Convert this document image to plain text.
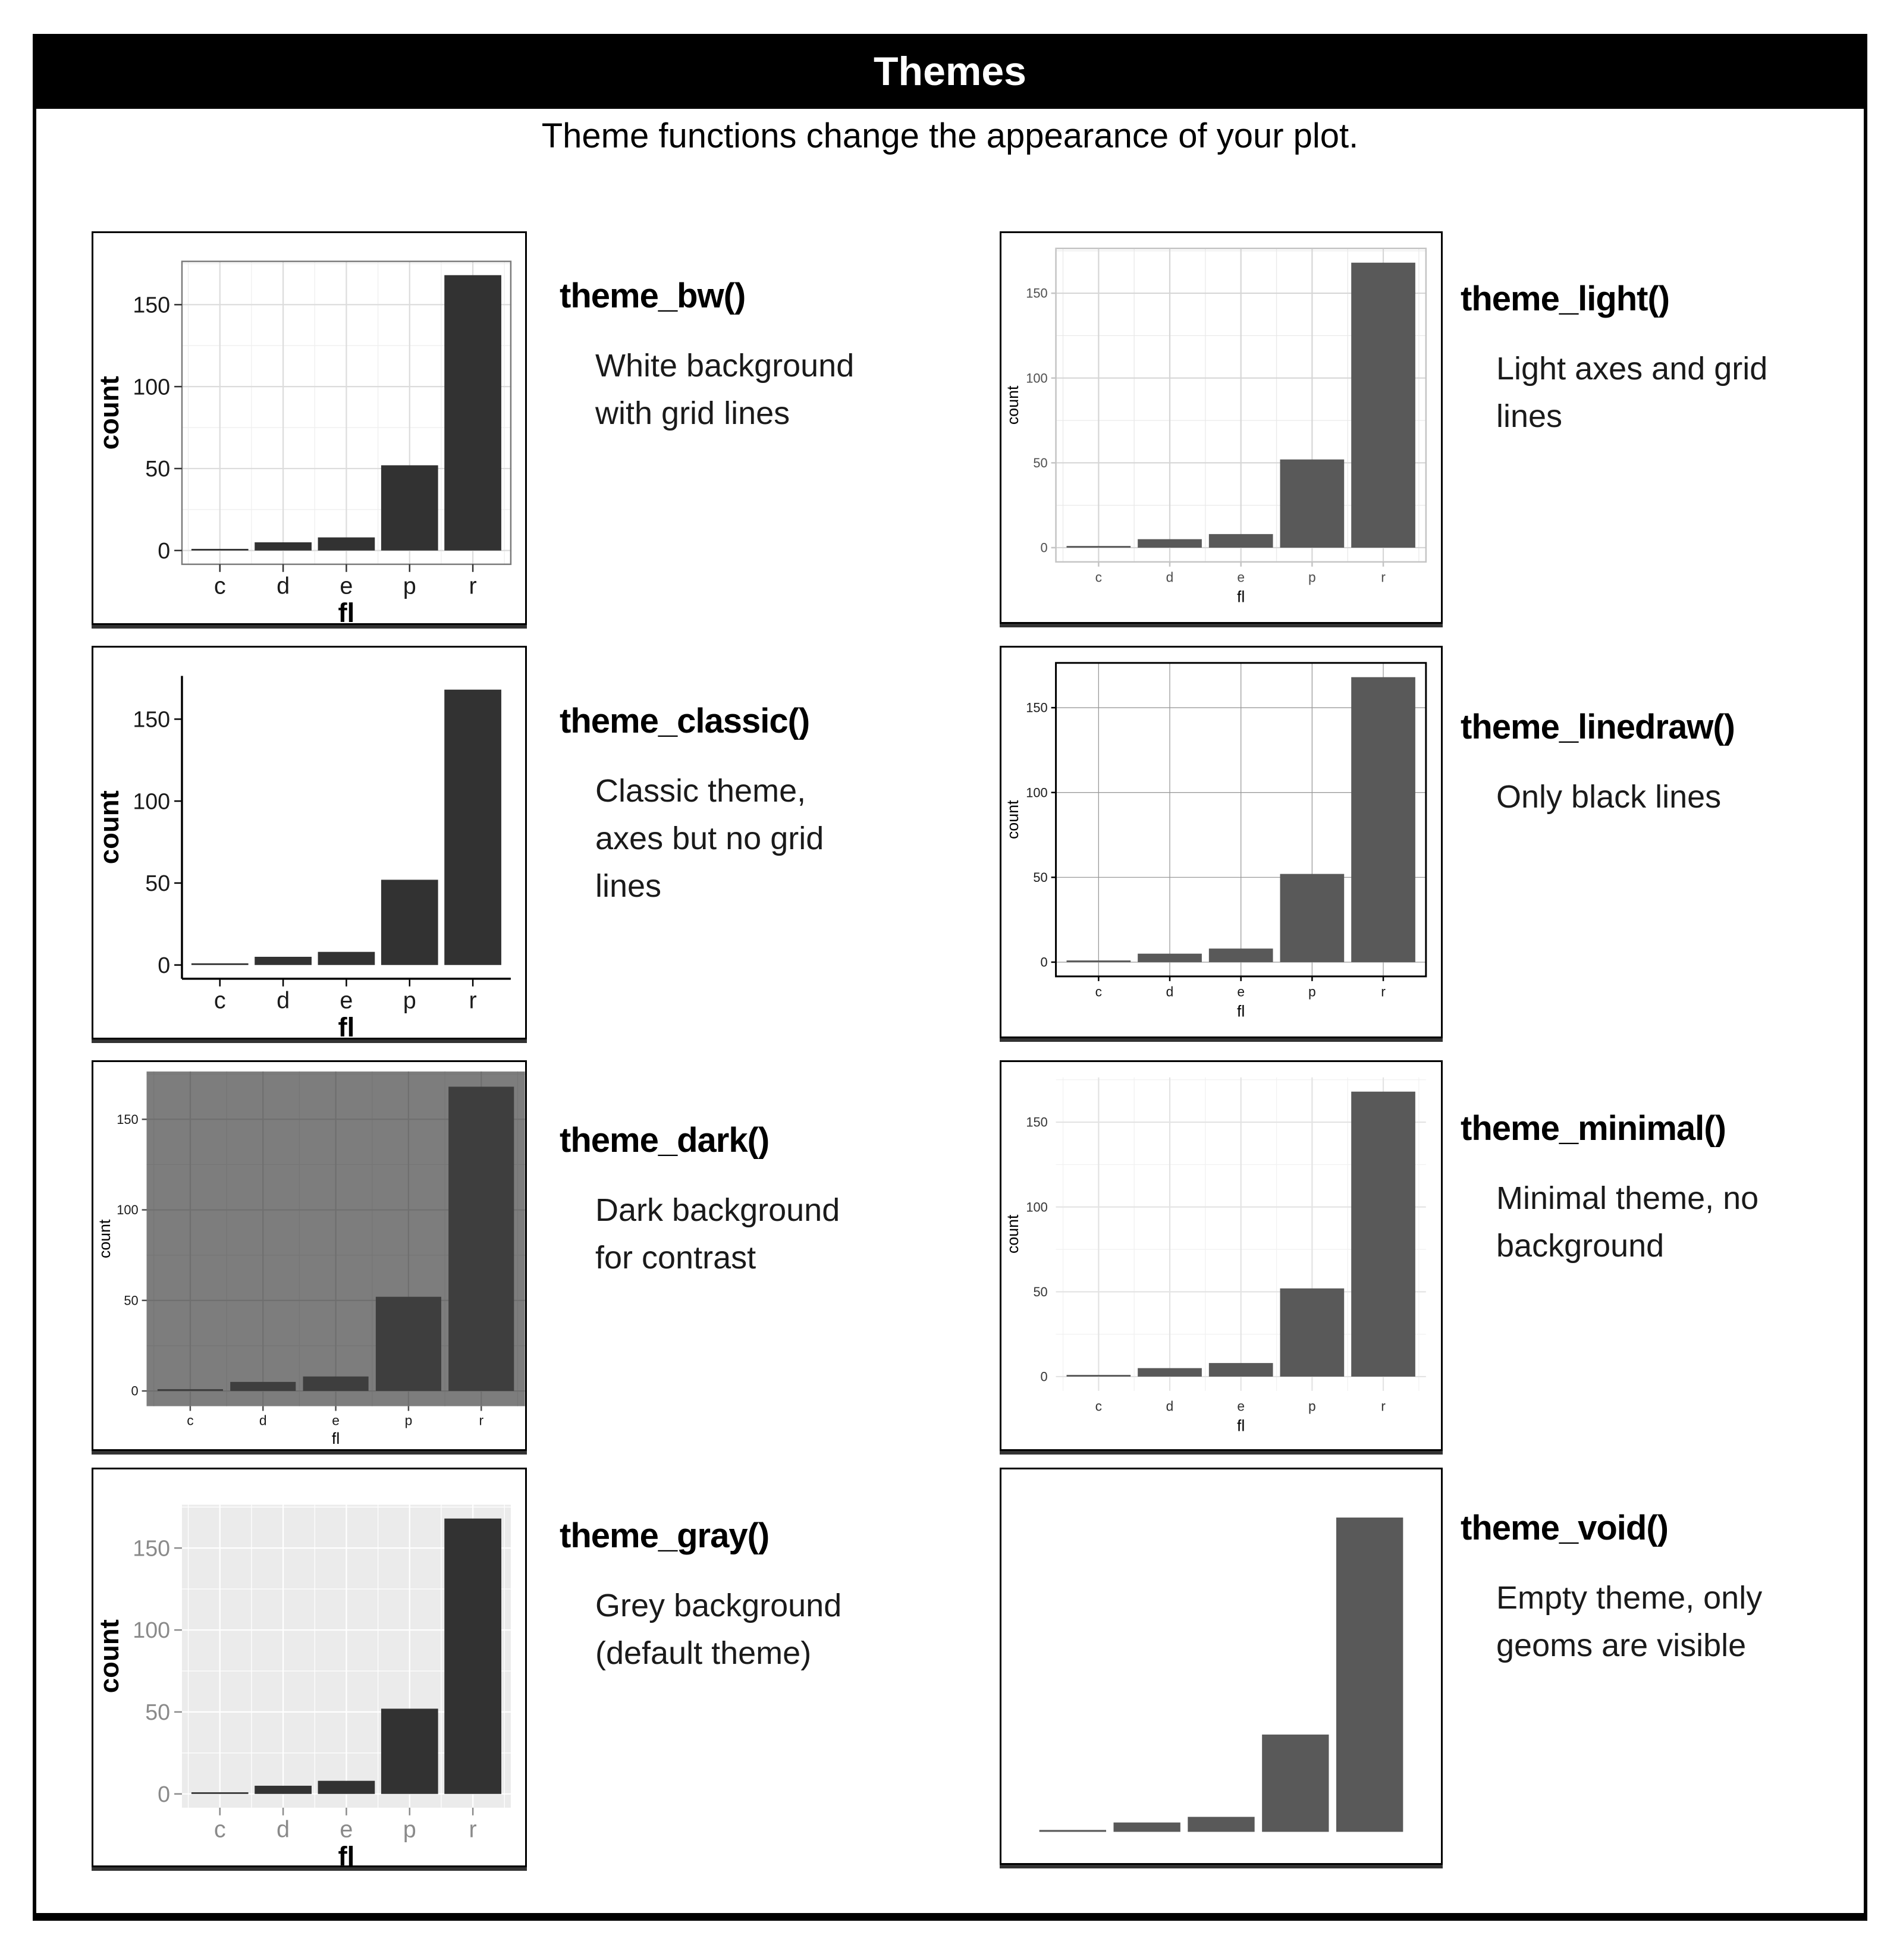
Themes
Theme functions change the appearance of your plot.
0
50
100
150
c d e p r
fl
count
0
50
100
150
c	d	e	p	r
fl
count
0
50
100
150
c d e p r
fl
count
0
50
100
150
c	d	e	p	r
fl
count
0
50
100
150
c	d	e	p	r
fl
count
0
50
100
150
c	d	e	p	r
fl
count
0
50
100
150
c d e p r
fl
count
theme_bw()
White background
with grid lines
theme_light()
Light axes and grid
lines
theme_classic()
Classic theme,
axes but no grid
lines
theme_linedraw()
Only black lines
theme_dark()
Dark background
for contrast
theme_minimal()
Minimal theme, no
background
theme_gray()
Grey background
(default theme)
theme_void()
Empty theme, only
geoms are visible
